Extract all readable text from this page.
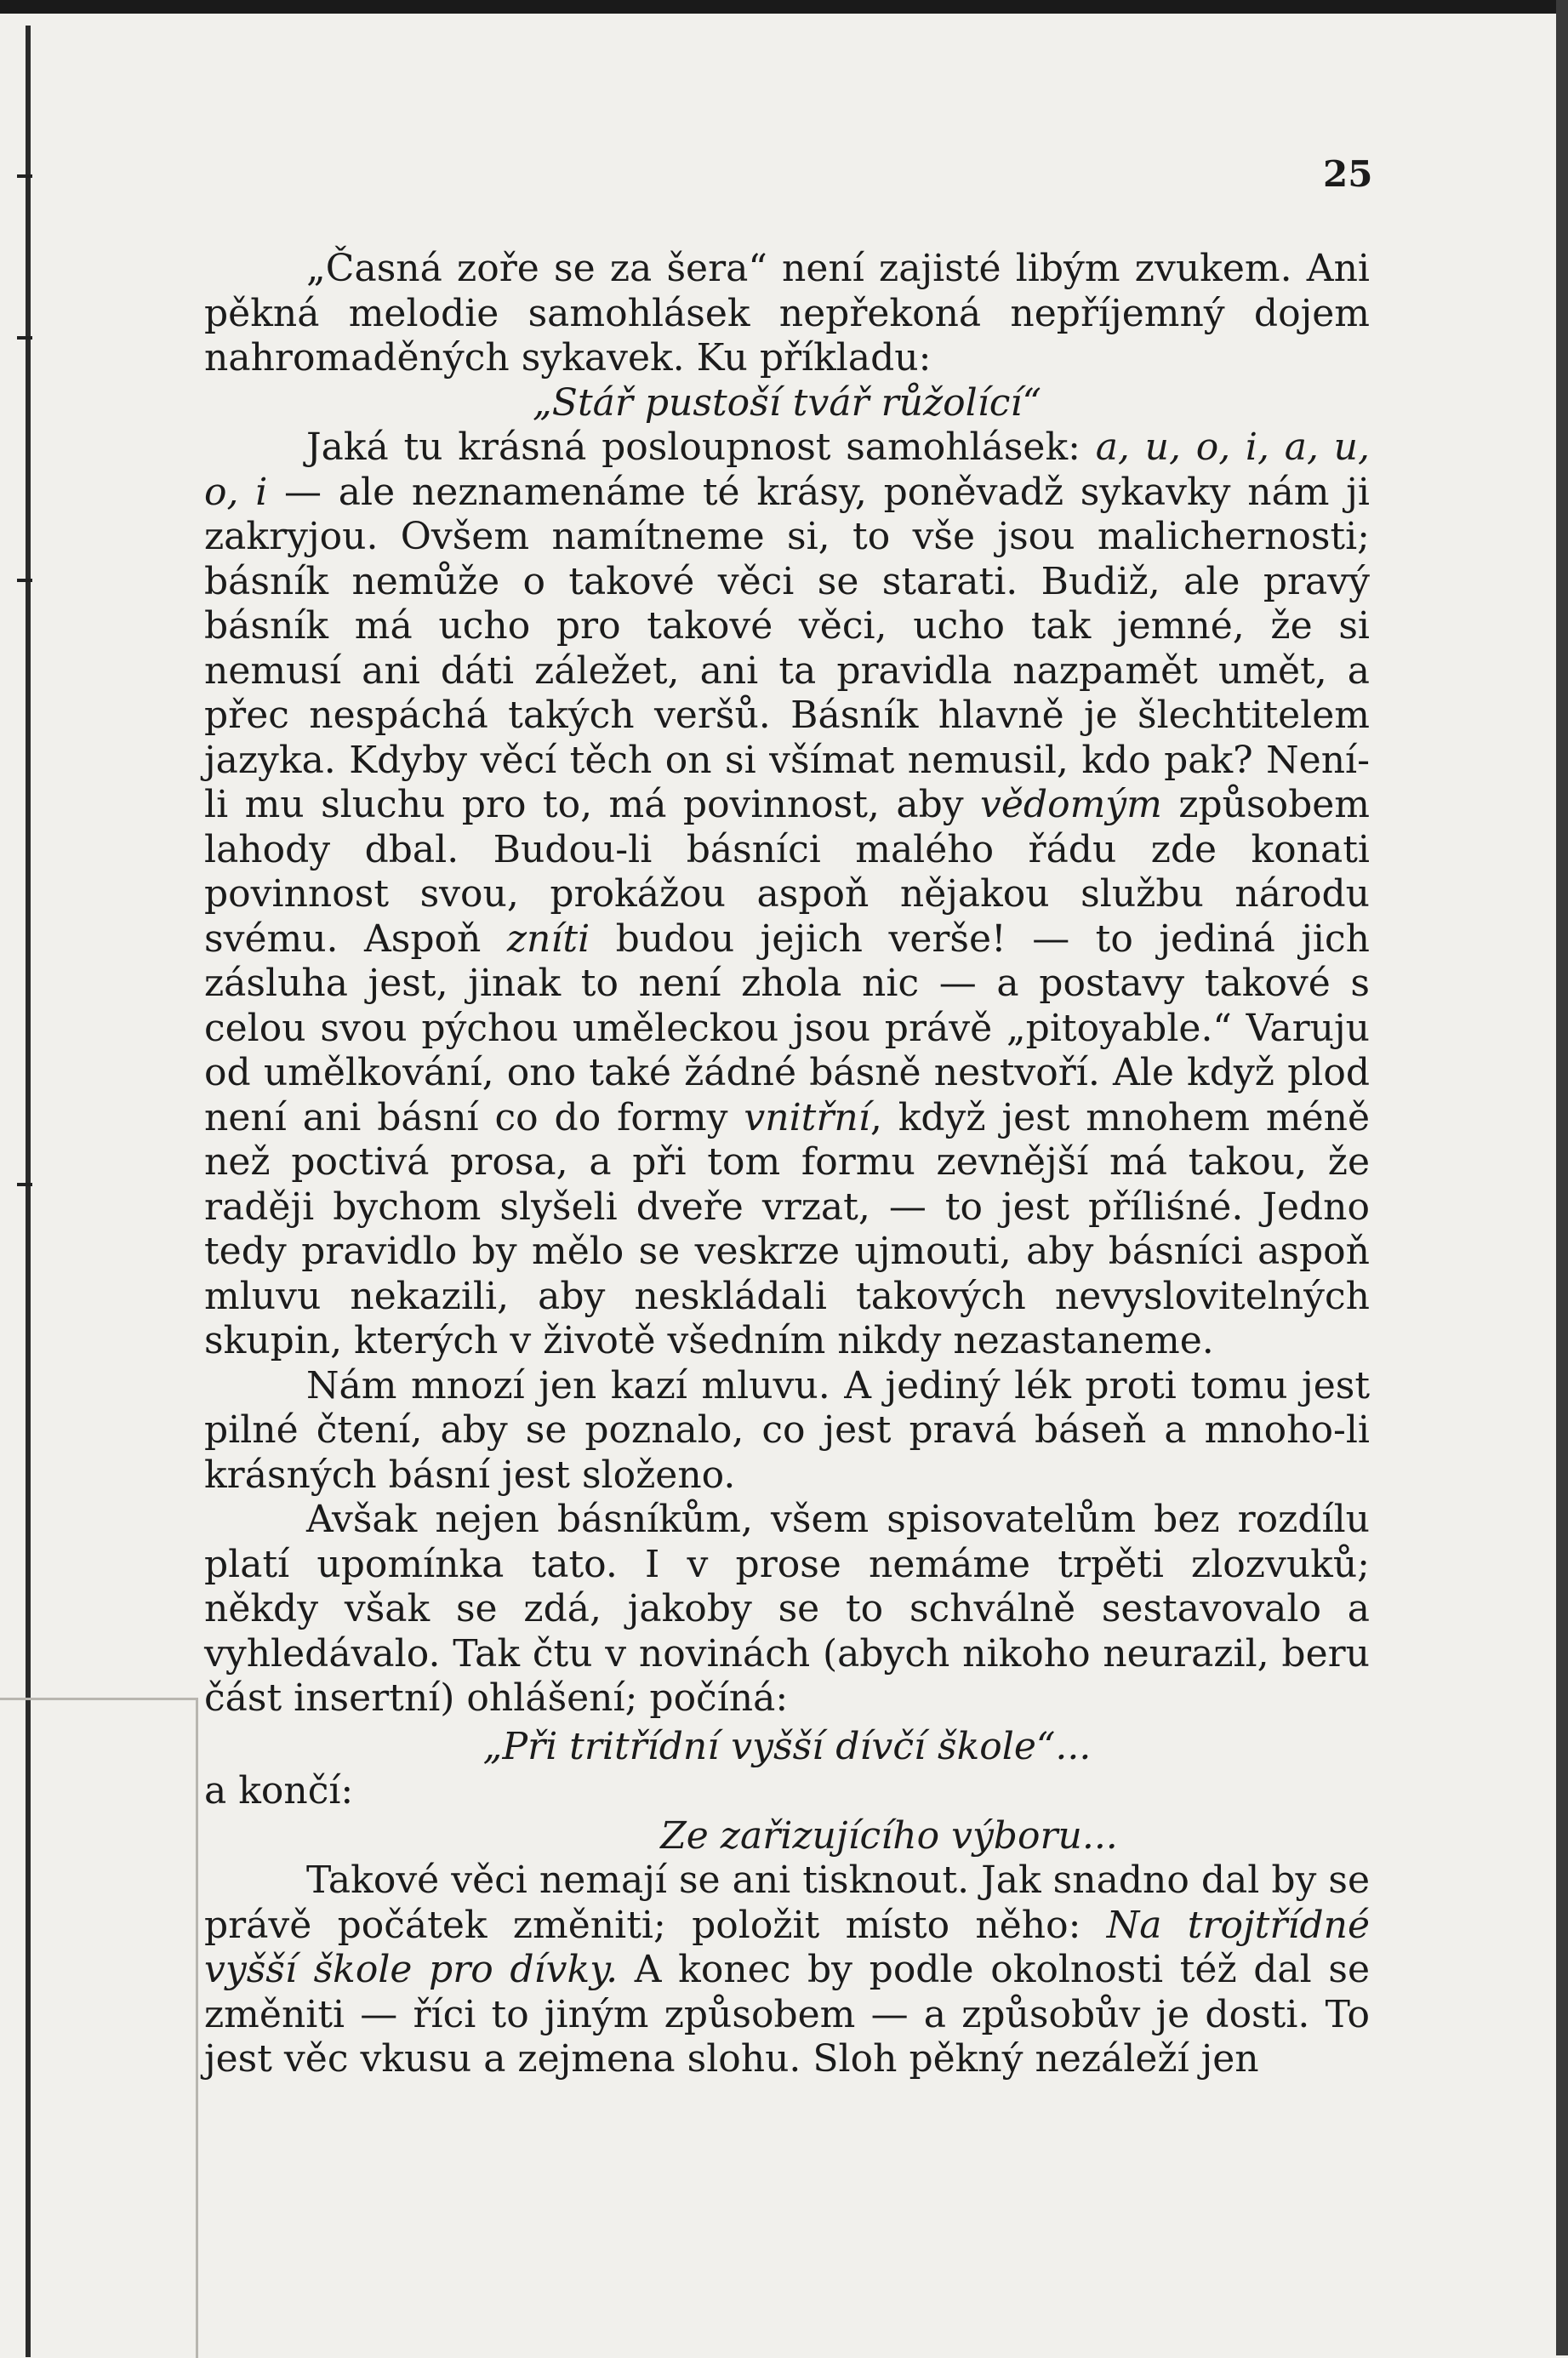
25

„Časná zoře se za šera“ není zajisté libým zvukem. Ani pěkná melodie samohlásek nepřekoná nepříjemný dojem nahromaděných sykavek. Ku příkladu:

„Stář pustoší tvář růžolící“

Jaká tu krásná posloupnost samohlásek: a, u, o, i, a, u, o, i — ale neznamenáme té krásy, poněvadž sykavky nám ji zakryjou. Ovšem namítneme si, to vše jsou malichernosti; básník nemůže o takové věci se starati. Budiž, ale pravý básník má ucho pro takové věci, ucho tak jemné, že si nemusí ani dáti záležet, ani ta pravidla nazpamět umět, a přec nespáchá takých veršů. Básník hlavně je šlechtitelem jazyka. Kdyby věcí těch on si všímat nemusil, kdo pak? Není-li mu sluchu pro to, má povinnost, aby vědomým způsobem lahody dbal. Budou-li básníci malého řádu zde konati povinnost svou, prokážou aspoň nějakou službu národu svému. Aspoň zníti budou jejich verše! — to jediná jich zásluha jest, jinak to není zhola nic — a postavy takové s celou svou pýchou uměleckou jsou právě „pitoyable.“ Varuju od umělkování, ono také žádné básně nestvoří. Ale když plod není ani básní co do formy vnitřní, když jest mnohem méně než poctivá prosa, a při tom formu zevnější má takou, že raději bychom slyšeli dveře vrzat, — to jest příliśné. Jedno tedy pravidlo by mělo se veskrze ujmouti, aby básníci aspoň mluvu nekazili, aby neskládali takových nevyslovitelných skupin, kterých v životě všedním nikdy nezastaneme.

Nám mnozí jen kazí mluvu. A jediný lék proti tomu jest pilné čtení, aby se poznalo, co jest pravá báseň a mnoho-li krásných básní jest složeno.

Avšak nejen básníkům, všem spisovatelům bez rozdílu platí upomínka tato. I v prose nemáme trpěti zlozvuků; někdy však se zdá, jakoby se to schválně sestavovalo a vyhledávalo. Tak čtu v novinách (abych nikoho neurazil, beru část insertní) ohlášení; počíná:

„Při tritřídní vyšší dívčí škole“...

a končí:

Ze zařizujícího výboru...

Takové věci nemají se ani tisknout. Jak snadno dal by se právě počátek změniti; položit místo něho: Na trojtřídné vyšší škole pro dívky. A konec by podle okolnosti též dal se změniti — říci to jiným způsobem — a způsobův je dosti. To jest věc vkusu a zejmena slohu. Sloh pěkný nezáleží jen
